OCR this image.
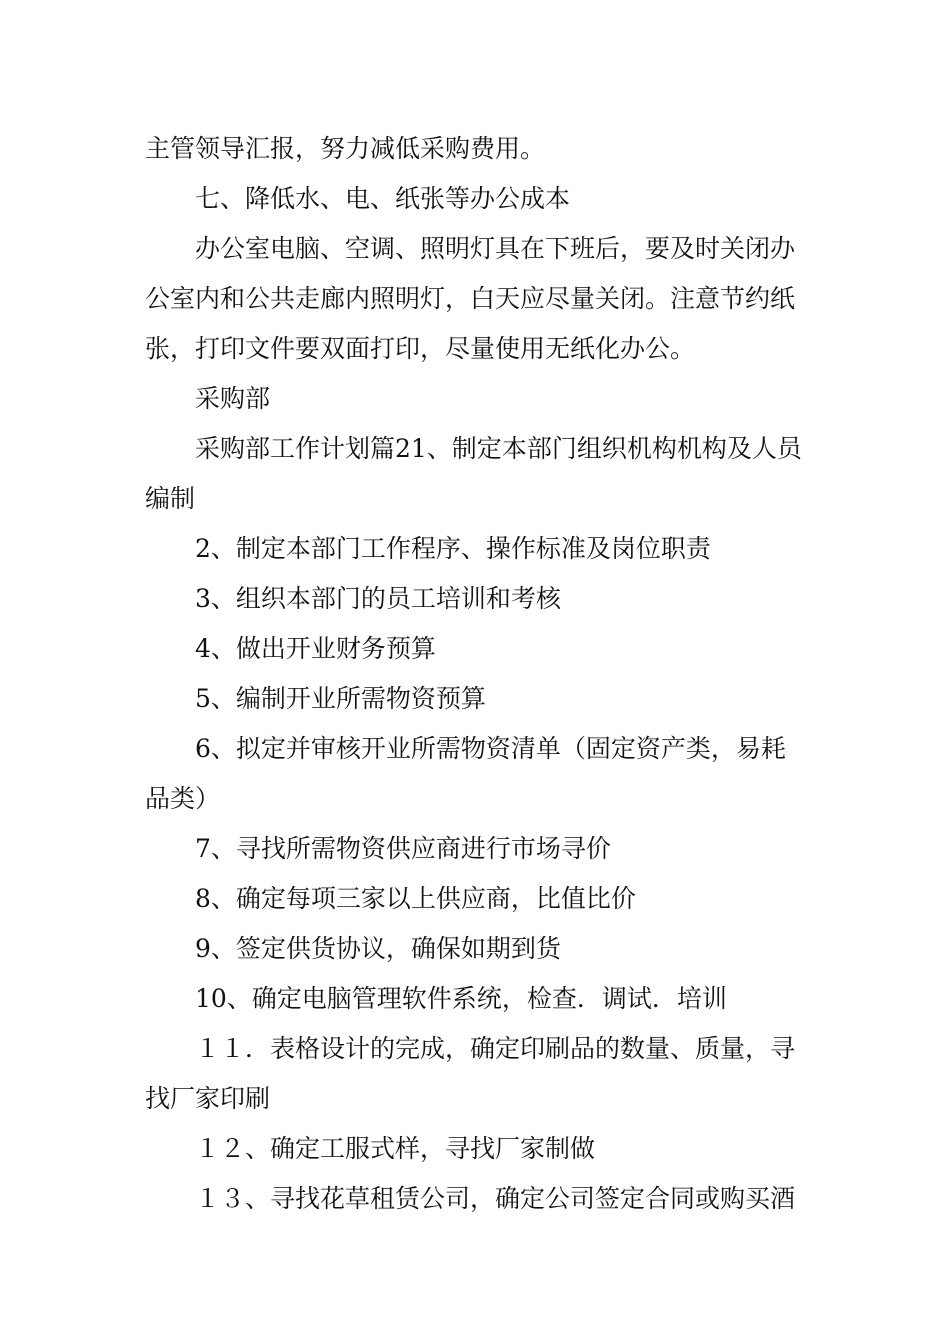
主管领导汇报，努力减低采购费用。

七、降低水、电、纸张等办公成本

办公室电脑、空调、照明灯具在下班后，要及时关闭办公室内和公共走廊内照明灯，白天应尽量关闭。注意节约纸张，打印文件要双面打印，尽量使用无纸化办公。

采购部

采购部工作计划篇21、制定本部门组织机构机构及人员编制

2、制定本部门工作程序、操作标准及岗位职责

3、组织本部门的员工培训和考核

4、做出开业财务预算

5、编制开业所需物资预算

6、拟定并审核开业所需物资清单（固定资产类，易耗品类）

7、寻找所需物资供应商进行市场寻价

8、确定每项三家以上供应商，比值比价

9、签定供货协议，确保如期到货

10、确定电脑管理软件系统，检查．调试．培训

１１．表格设计的完成，确定印刷品的数量、质量，寻找厂家印刷

１２、确定工服式样，寻找厂家制做

１３、寻找花草租赁公司，确定公司签定合同或购买酒
